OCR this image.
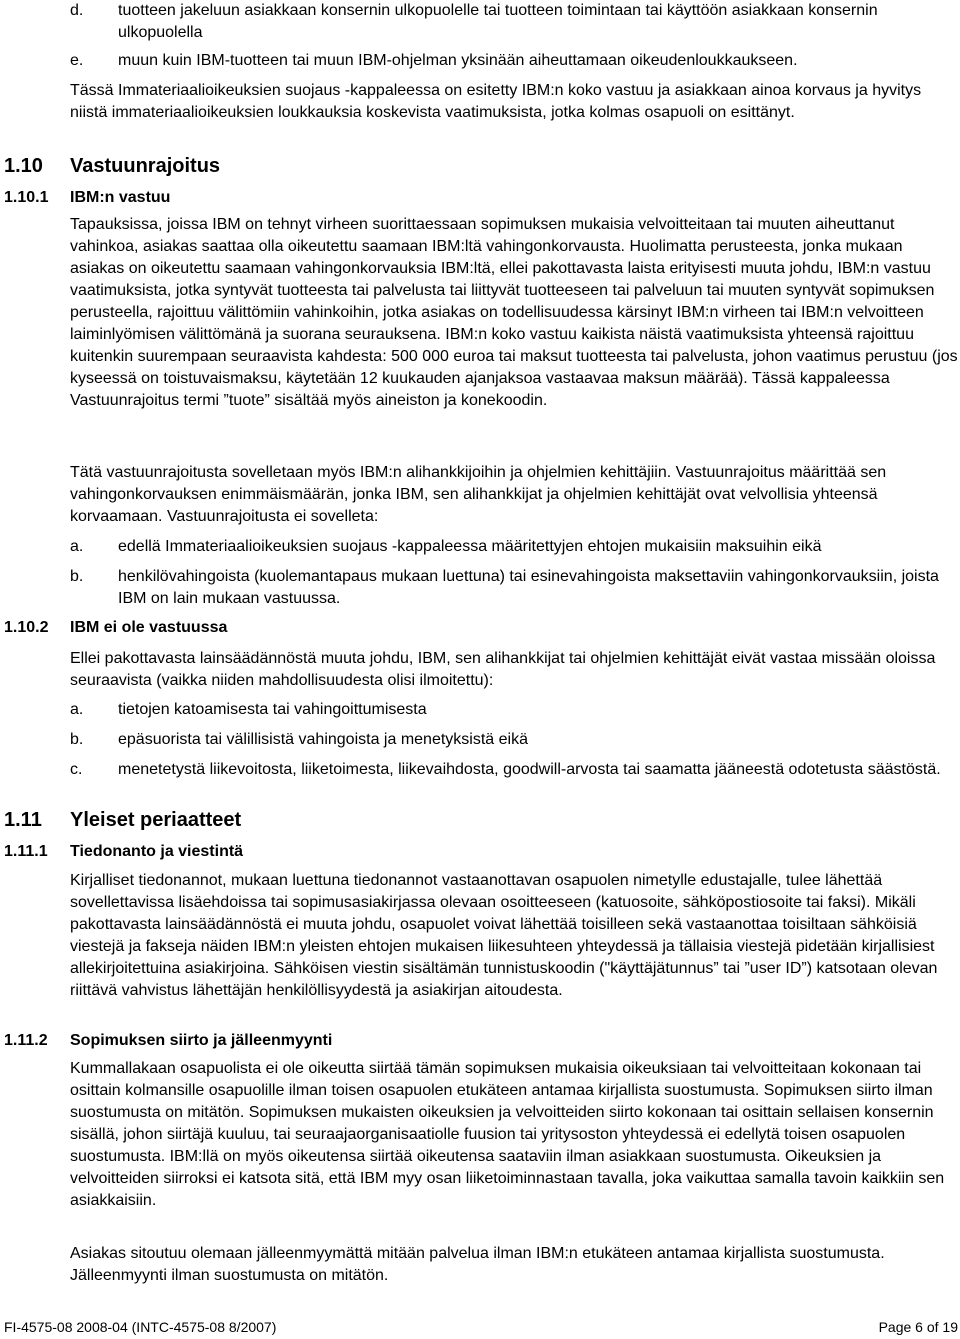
d. tuotteen jakeluun asiakkaan konsernin ulkopuolelle tai tuotteen toimintaan tai käyttöön asiakkaan konsernin ulkopuolella
e. muun kuin IBM-tuotteen tai muun IBM-ohjelman yksinään aiheuttamaan oikeudenloukkaukseen.

Tässä Immateriaalioikeuksien suojaus -kappaleessa on esitetty IBM:n koko vastuu ja asiakkaan ainoa korvaus ja hyvitys niistä immateriaalioikeuksien loukkauksia koskevista vaatimuksista, jotka kolmas osapuoli on esittänyt.

1.10 Vastuunrajoitus
1.10.1 IBM:n vastuu

Tapauksissa, joissa IBM on tehnyt virheen suorittaessaan sopimuksen mukaisia velvoitteitaan tai muuten aiheuttanut vahinkoa, asiakas saattaa olla oikeutettu saamaan IBM:ltä vahingonkorvausta. Huolimatta perusteesta, jonka mukaan asiakas on oikeutettu saamaan vahingonkorvauksia IBM:ltä, ellei pakottavasta laista erityisesti muuta johdu, IBM:n vastuu vaatimuksista, jotka syntyvät tuotteesta tai palvelusta tai liittyvät tuotteeseen tai palveluun tai muuten syntyvät sopimuksen perusteella, rajoittuu välittömiin vahinkoihin, jotka asiakas on todellisuudessa kärsinyt IBM:n virheen tai IBM:n velvoitteen laiminlyömisen välittömänä ja suorana seurauksena. IBM:n koko vastuu kaikista näistä vaatimuksista yhteensä rajoittuu kuitenkin suurempaan seuraavista kahdesta: 500 000 euroa tai maksut tuotteesta tai palvelusta, johon vaatimus perustuu (jos kyseessä on toistuvaismaksu, käytetään 12 kuukauden ajanjaksoa vastaavaa maksun määrää). Tässä kappaleessa Vastuunrajoitus termi ”tuote” sisältää myös aineiston ja konekoodin.

Tätä vastuunrajoitusta sovelletaan myös IBM:n alihankkijoihin ja ohjelmien kehittäjiin. Vastuunrajoitus määrittää sen vahingonkorvauksen enimmäismäärän, jonka IBM, sen alihankkijat ja ohjelmien kehittäjät ovat velvollisia yhteensä korvaamaan. Vastuunrajoitusta ei sovelleta:

a. edellä Immateriaalioikeuksien suojaus -kappaleessa määritettyjen ehtojen mukaisiin maksuihin eikä
b. henkilövahingoista (kuolemantapaus mukaan luettuna) tai esinevahingoista maksettaviin vahingonkorvauksiin, joista IBM on lain mukaan vastuussa.
1.10.2 IBM ei ole vastuussa

Ellei pakottavasta lainsäädännöstä muuta johdu, IBM, sen alihankkijat tai ohjelmien kehittäjät eivät vastaa missään oloissa seuraavista (vaikka niiden mahdollisuudesta olisi ilmoitettu):

a. tietojen katoamisesta tai vahingoittumisesta
b. epäsuorista tai välillisistä vahingoista ja menetyksistä eikä
c. menetetystä liikevoitosta, liiketoimesta, liikevaihdosta, goodwill-arvosta tai saamatta jääneestä odotetusta säästöstä.
1.11 Yleiset periaatteet
1.11.1 Tiedonanto ja viestintä

Kirjalliset tiedonannot, mukaan luettuna tiedonannot vastaanottavan osapuolen nimetylle edustajalle, tulee lähettää sovellettavissa lisäehdoissa tai sopimusasiakirjassa olevaan osoitteeseen (katuosoite, sähköpostiosoite tai faksi). Mikäli pakottavasta lainsäädännöstä ei muuta johdu, osapuolet voivat lähettää toisilleen sekä vastaanottaa toisiltaan sähköisiä viestejä ja fakseja näiden IBM:n yleisten ehtojen mukaisen liikesuhteen yhteydessä ja tällaisia viestejä pidetään kirjallisiest allekirjoitettuina asiakirjoina. Sähköisen viestin sisältämän tunnistuskoodin ("käyttäjätunnus” tai ”user ID”) katsotaan olevan riittävä vahvistus lähettäjän henkilöllisyydestä ja asiakirjan aitoudesta.

1.11.2 Sopimuksen siirto ja jälleenmyynti

Kummallakaan osapuolista ei ole oikeutta siirtää tämän sopimuksen mukaisia oikeuksiaan tai velvoitteitaan kokonaan tai osittain kolmansille osapuolille ilman toisen osapuolen etukäteen antamaa kirjallista suostumusta. Sopimuksen siirto ilman suostumusta on mitätön. Sopimuksen mukaisten oikeuksien ja velvoitteiden siirto kokonaan tai osittain sellaisen konsernin sisällä, johon siirtäjä kuuluu, tai seuraajaorganisaatiolle fuusion tai yritysoston yhteydessä ei edellytä toisen osapuolen suostumusta. IBM:llä on myös oikeutensa siirtää oikeutensa saataviin ilman asiakkaan suostumusta. Oikeuksien ja velvoitteiden siirroksi ei katsota sitä, että IBM myy osan liiketoiminnastaan tavalla, joka vaikuttaa samalla tavoin kaikkiin sen asiakkaisiin.

Asiakas sitoutuu olemaan jälleenmyymättä mitään palvelua ilman IBM:n etukäteen antamaa kirjallista suostumusta. Jälleenmyynti ilman suostumusta on mitätön.

FI-4575-08 2008-04 (INTC-4575-08 8/2007)	Page 6 of 19
